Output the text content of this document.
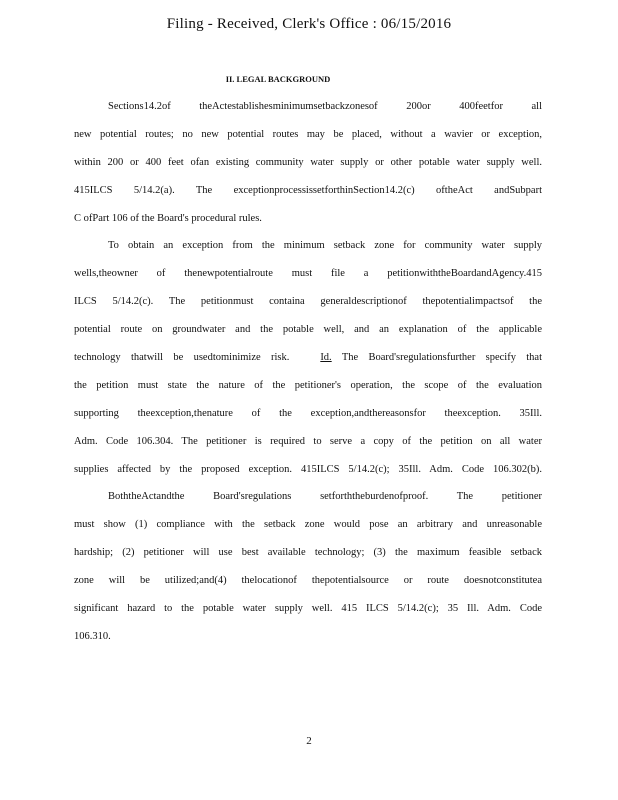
Filing - Received, Clerk's Office : 06/15/2016
II. LEGAL BACKGROUND
Sections14.2of theActestablishesminimumsetbackzonesof 200or 400feetfor all
new potential routes; no new potential routes may be placed, without a wavier or exception,
within 200 or 400 feet ofan existing community water supply or other potable water supply well.
415ILCS 5/14.2(a). The exceptionprocessissetforthinSection14.2(c) oftheAct andSubpart
C ofPart 106 of the Board's procedural rules.
To obtain an exception from the minimum setback zone for community water supply
wells,theowner of thenewpotentialroute must file a petitionwiththeBoardandAgency.415
ILCS 5/14.2(c). The petitionmust containa generaldescriptionof thepotentialimpactsof the
potential route on groundwater and the potable well, and an explanation of the applicable
technology thatwill be usedtominimize risk.	Id. The Board'sregulationsfurther specify that
the petition must state the nature of the petitioner's operation, the scope of the evaluation
supporting theexception,thenature of the exception,andthereasonsfor theexception. 35Ill.
Adm. Code 106.304. The petitioner is required to serve a copy of the petition on all water
supplies affected by the proposed exception. 415ILCS 5/14.2(c); 35Ill. Adm. Code 106.302(b).
BoththeActandthe Board'sregulations setforththeburdenofproof. The petitioner
must show (1) compliance with the setback zone would pose an arbitrary and unreasonable
hardship; (2) petitioner will use best available technology; (3) the maximum feasible setback
zone will be utilized;and(4) thelocationof thepotentialsource or route doesnotconstitutea
significant hazard to the potable water supply well. 415 ILCS 5/14.2(c); 35 Ill. Adm. Code
106.310.
2
